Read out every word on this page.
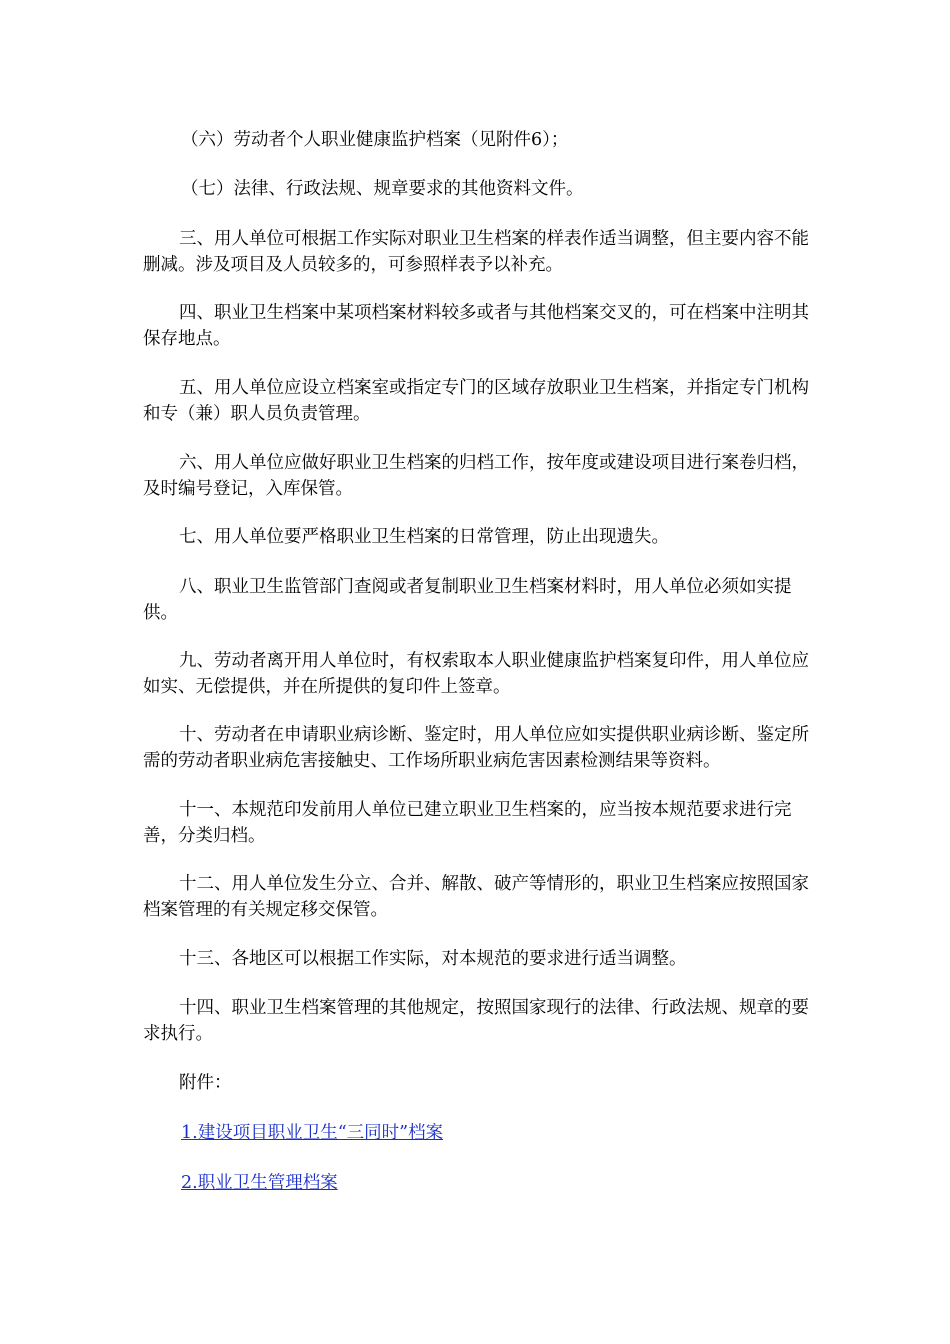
（六）劳动者个人职业健康监护档案（见附件6）；

（七）法律、行政法规、规章要求的其他资料文件。

三、用人单位可根据工作实际对职业卫生档案的样表作适当调整，但主要内容不能删减。涉及项目及人员较多的，可参照样表予以补充。

四、职业卫生档案中某项档案材料较多或者与其他档案交叉的，可在档案中注明其保存地点。

五、用人单位应设立档案室或指定专门的区域存放职业卫生档案，并指定专门机构和专（兼）职人员负责管理。

六、用人单位应做好职业卫生档案的归档工作，按年度或建设项目进行案卷归档，及时编号登记，入库保管。

七、用人单位要严格职业卫生档案的日常管理，防止出现遗失。

八、职业卫生监管部门查阅或者复制职业卫生档案材料时，用人单位必须如实提供。

九、劳动者离开用人单位时，有权索取本人职业健康监护档案复印件，用人单位应如实、无偿提供，并在所提供的复印件上签章。

十、劳动者在申请职业病诊断、鉴定时，用人单位应如实提供职业病诊断、鉴定所需的劳动者职业病危害接触史、工作场所职业病危害因素检测结果等资料。

十一、本规范印发前用人单位已建立职业卫生档案的，应当按本规范要求进行完善，分类归档。

十二、用人单位发生分立、合并、解散、破产等情形的，职业卫生档案应按照国家档案管理的有关规定移交保管。

十三、各地区可以根据工作实际，对本规范的要求进行适当调整。

十四、职业卫生档案管理的其他规定，按照国家现行的法律、行政法规、规章的要求执行。

附件：

1.建设项目职业卫生“三同时”档案

2.职业卫生管理档案
